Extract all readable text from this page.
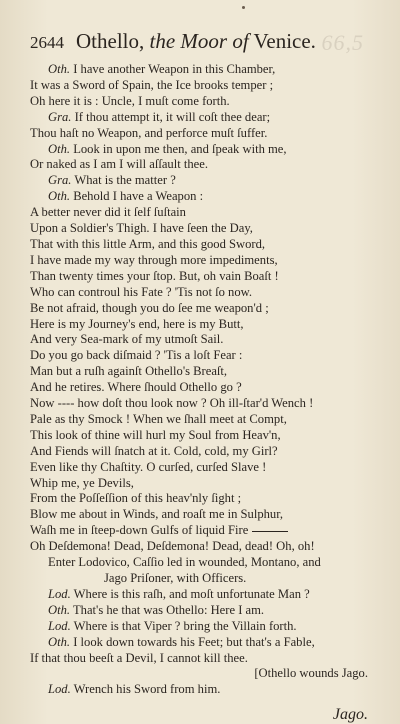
2644 Othello, the Moor of Venice. 66,5
Oth. I have another Weapon in this Chamber,
It was a Sword of Spain, the Ice brooks temper ;
Oh here it is : Uncle, I muſt come forth.
Gra. If thou attempt it, it will coſt thee dear;
Thou haſt no Weapon, and perforce muſt ſuffer.
Oth. Look in upon me then, and ſpeak with me,
Or naked as I am I will aſſault thee.
Gra. What is the matter ?
Oth. Behold I have a Weapon :
A better never did it ſelf ſuſtain
Upon a Soldier's Thigh. I have ſeen the Day,
That with this little Arm, and this good Sword,
I have made my way through more impediments,
Than twenty times your ſtop. But, oh vain Boaſt !
Who can controul his Fate ? 'Tis not ſo now.
Be not afraid, though you do ſee me weapon'd ;
Here is my Journey's end, here is my Butt,
And very Sea-mark of my utmoſt Sail.
Do you go back diſmaid ? 'Tis a loſt Fear :
Man but a ruſh againſt Othello's Breaſt,
And he retires. Where ſhould Othello go ?
Now ---- how doſt thou look now ? Oh ill-ſtar'd Wench !
Pale as thy Smock ! When we ſhall meet at Compt,
This look of thine will hurl my Soul from Heav'n,
And Fiends will ſnatch at it. Cold, cold, my Girl?
Even like thy Chaſtity. O curſed, curſed Slave !
Whip me, ye Devils,
From the Poſſeſſion of this heav'nly ſight ;
Blow me about in Winds, and roaſt me in Sulphur,
Waſh me in ſteep-down Gulfs of liquid Fire
Oh Deſdemona! Dead, Deſdemona! Dead, dead! Oh, oh!
Enter Lodovico, Caſſio led in wounded, Montano, and
Jago Priſoner, with Officers.
Lod. Where is this raſh, and moſt unfortunate Man ?
Oth. That's he that was Othello: Here I am.
Lod. Where is that Viper ? bring the Villain forth.
Oth. I look down towards his Feet; but that's a Fable,
If that thou beeſt a Devil, I cannot kill thee.
[Othello wounds Jago.
Lod. Wrench his Sword from him.
Jago.
